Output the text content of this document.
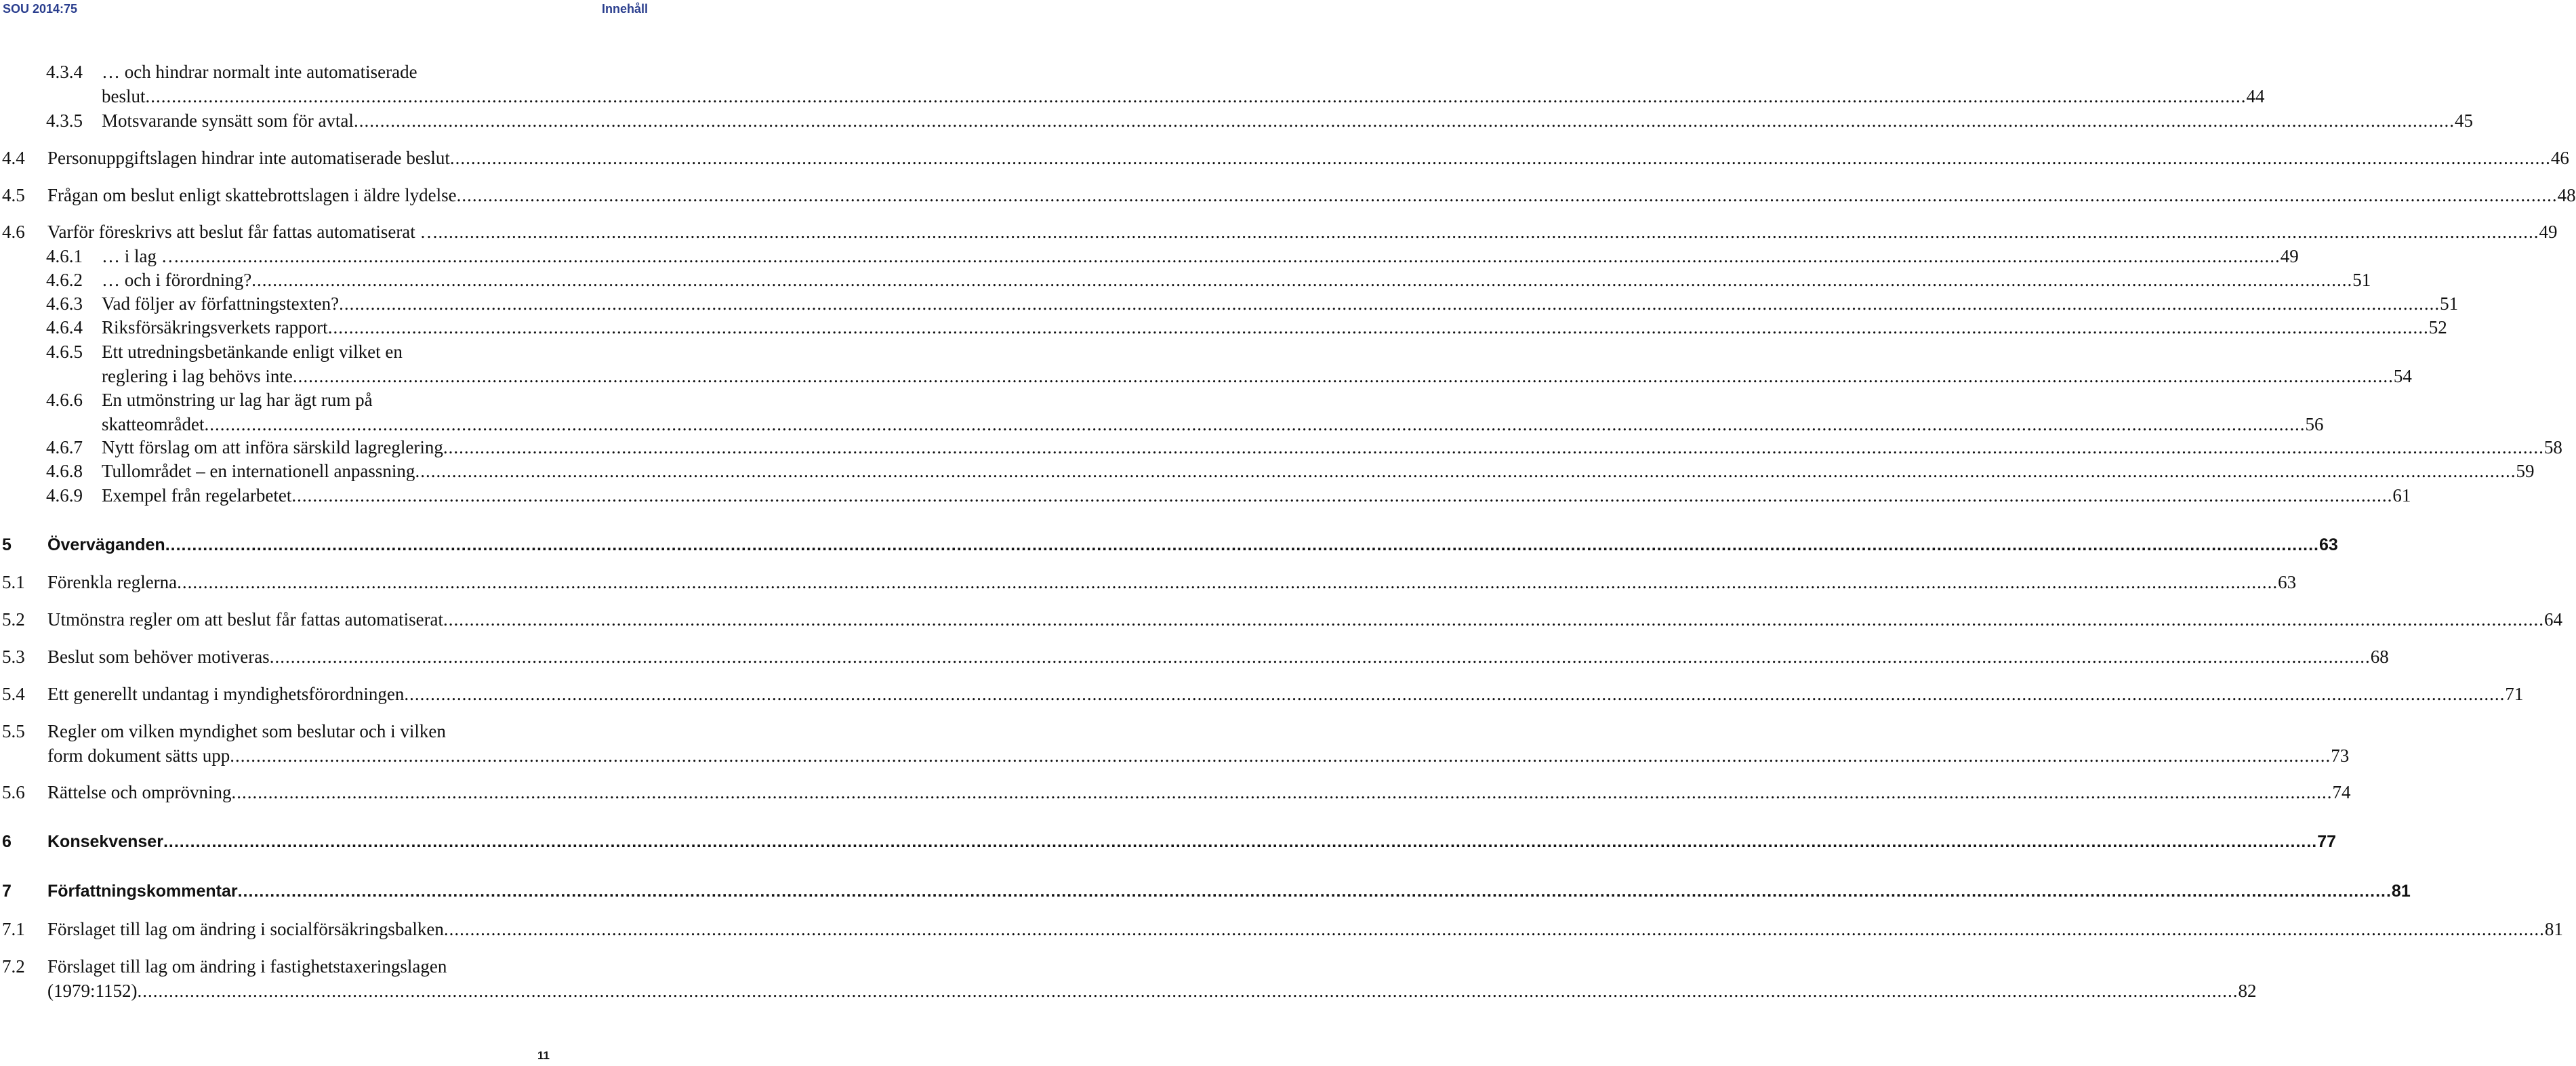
SOU 2014:75	Innehåll
4.3.4	… och hindrar normalt inte automatiserade
beslut ................................................................................................................................................................................................................................................................................................................................................................................................................ 44
4.3.5	Motsvarande synsätt som för avtal ................................................................................................................................................................................................................................................................................................................................................................................................................ 45
4.4	Personuppgiftslagen hindrar inte automatiserade beslut ................................................................................................................................................................................................................................................................................................................................................................................................................ 46
4.5	Frågan om beslut enligt skattebrottslagen i äldre lydelse ................................................................................................................................................................................................................................................................................................................................................................................................................ 48
4.6	Varför föreskrivs att beslut får fattas automatiserat … ................................................................................................................................................................................................................................................................................................................................................................................................................ 49
4.6.1	… i lag … ................................................................................................................................................................................................................................................................................................................................................................................................................ 49
4.6.2	… och i förordning? ................................................................................................................................................................................................................................................................................................................................................................................................................ 51
4.6.3	Vad följer av författningstexten? ................................................................................................................................................................................................................................................................................................................................................................................................................ 51
4.6.4	Riksförsäkringsverkets rapport ................................................................................................................................................................................................................................................................................................................................................................................................................ 52
4.6.5	Ett utredningsbetänkande enligt vilket en
reglering i lag behövs inte ................................................................................................................................................................................................................................................................................................................................................................................................................ 54
4.6.6	En utmönstring ur lag har ägt rum på
skatteområdet ................................................................................................................................................................................................................................................................................................................................................................................................................ 56
4.6.7	Nytt förslag om att införa särskild lagreglering ................................................................................................................................................................................................................................................................................................................................................................................................................ 58
4.6.8	Tullområdet – en internationell anpassning ................................................................................................................................................................................................................................................................................................................................................................................................................ 59
4.6.9	Exempel från regelarbetet ................................................................................................................................................................................................................................................................................................................................................................................................................ 61
5	Överväganden ................................................................................................................................................................................................................................................................................................................................................................................................................ 63
5.1	Förenkla reglerna ................................................................................................................................................................................................................................................................................................................................................................................................................ 63
5.2	Utmönstra regler om att beslut får fattas automatiserat ................................................................................................................................................................................................................................................................................................................................................................................................................ 64
5.3	Beslut som behöver motiveras ................................................................................................................................................................................................................................................................................................................................................................................................................ 68
5.4	Ett generellt undantag i myndighetsförordningen ................................................................................................................................................................................................................................................................................................................................................................................................................ 71
5.5	Regler om vilken myndighet som beslutar och i vilken
form dokument sätts upp ................................................................................................................................................................................................................................................................................................................................................................................................................ 73
5.6	Rättelse och omprövning ................................................................................................................................................................................................................................................................................................................................................................................................................ 74
6	Konsekvenser ................................................................................................................................................................................................................................................................................................................................................................................................................ 77
7	Författningskommentar ................................................................................................................................................................................................................................................................................................................................................................................................................ 81
7.1	Förslaget till lag om ändring i socialförsäkringsbalken ................................................................................................................................................................................................................................................................................................................................................................................................................ 81
7.2	Förslaget till lag om ändring i fastighetstaxeringslagen
(1979:1152) ................................................................................................................................................................................................................................................................................................................................................................................................................ 82
11
